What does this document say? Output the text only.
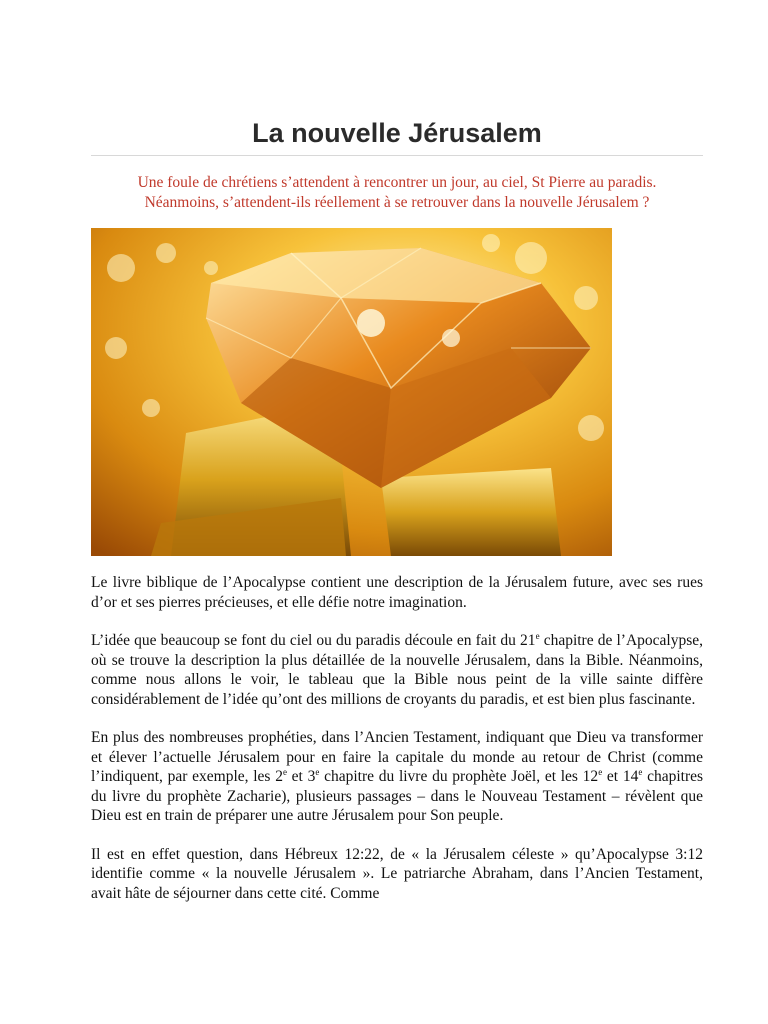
La nouvelle Jérusalem
Une foule de chrétiens s’attendent à rencontrer un jour, au ciel, St Pierre au paradis.
Néanmoins, s’attendent-ils réellement à se retrouver dans la nouvelle Jérusalem ?

Le livre biblique de l’Apocalypse contient une description de la Jérusalem future, avec ses rues d’or et ses pierres précieuses, et elle défie notre imagination.

L’idée que beaucoup se font du ciel ou du paradis découle en fait du 21e chapitre de l’Apocalypse, où se trouve la description la plus détaillée de la nouvelle Jérusalem, dans la Bible. Néanmoins, comme nous allons le voir, le tableau que la Bible nous peint de la ville sainte diffère considérablement de l’idée qu’ont des millions de croyants du paradis, et est bien plus fascinante.

En plus des nombreuses prophéties, dans l’Ancien Testament, indiquant que Dieu va transformer et élever l’actuelle Jérusalem pour en faire la capitale du monde au retour de Christ (comme l’indiquent, par exemple, les 2e et 3e chapitre du livre du prophète Joël, et les 12e et 14e chapitres du livre du prophète Zacharie), plusieurs passages – dans le Nouveau Testament – révèlent que Dieu est en train de préparer une autre Jérusalem pour Son peuple.

Il est en effet question, dans Hébreux 12:22, de « la Jérusalem céleste » qu’Apocalypse 3:12 identifie comme « la nouvelle Jérusalem ». Le patriarche Abraham, dans l’Ancien Testament, avait hâte de séjourner dans cette cité. Comme
